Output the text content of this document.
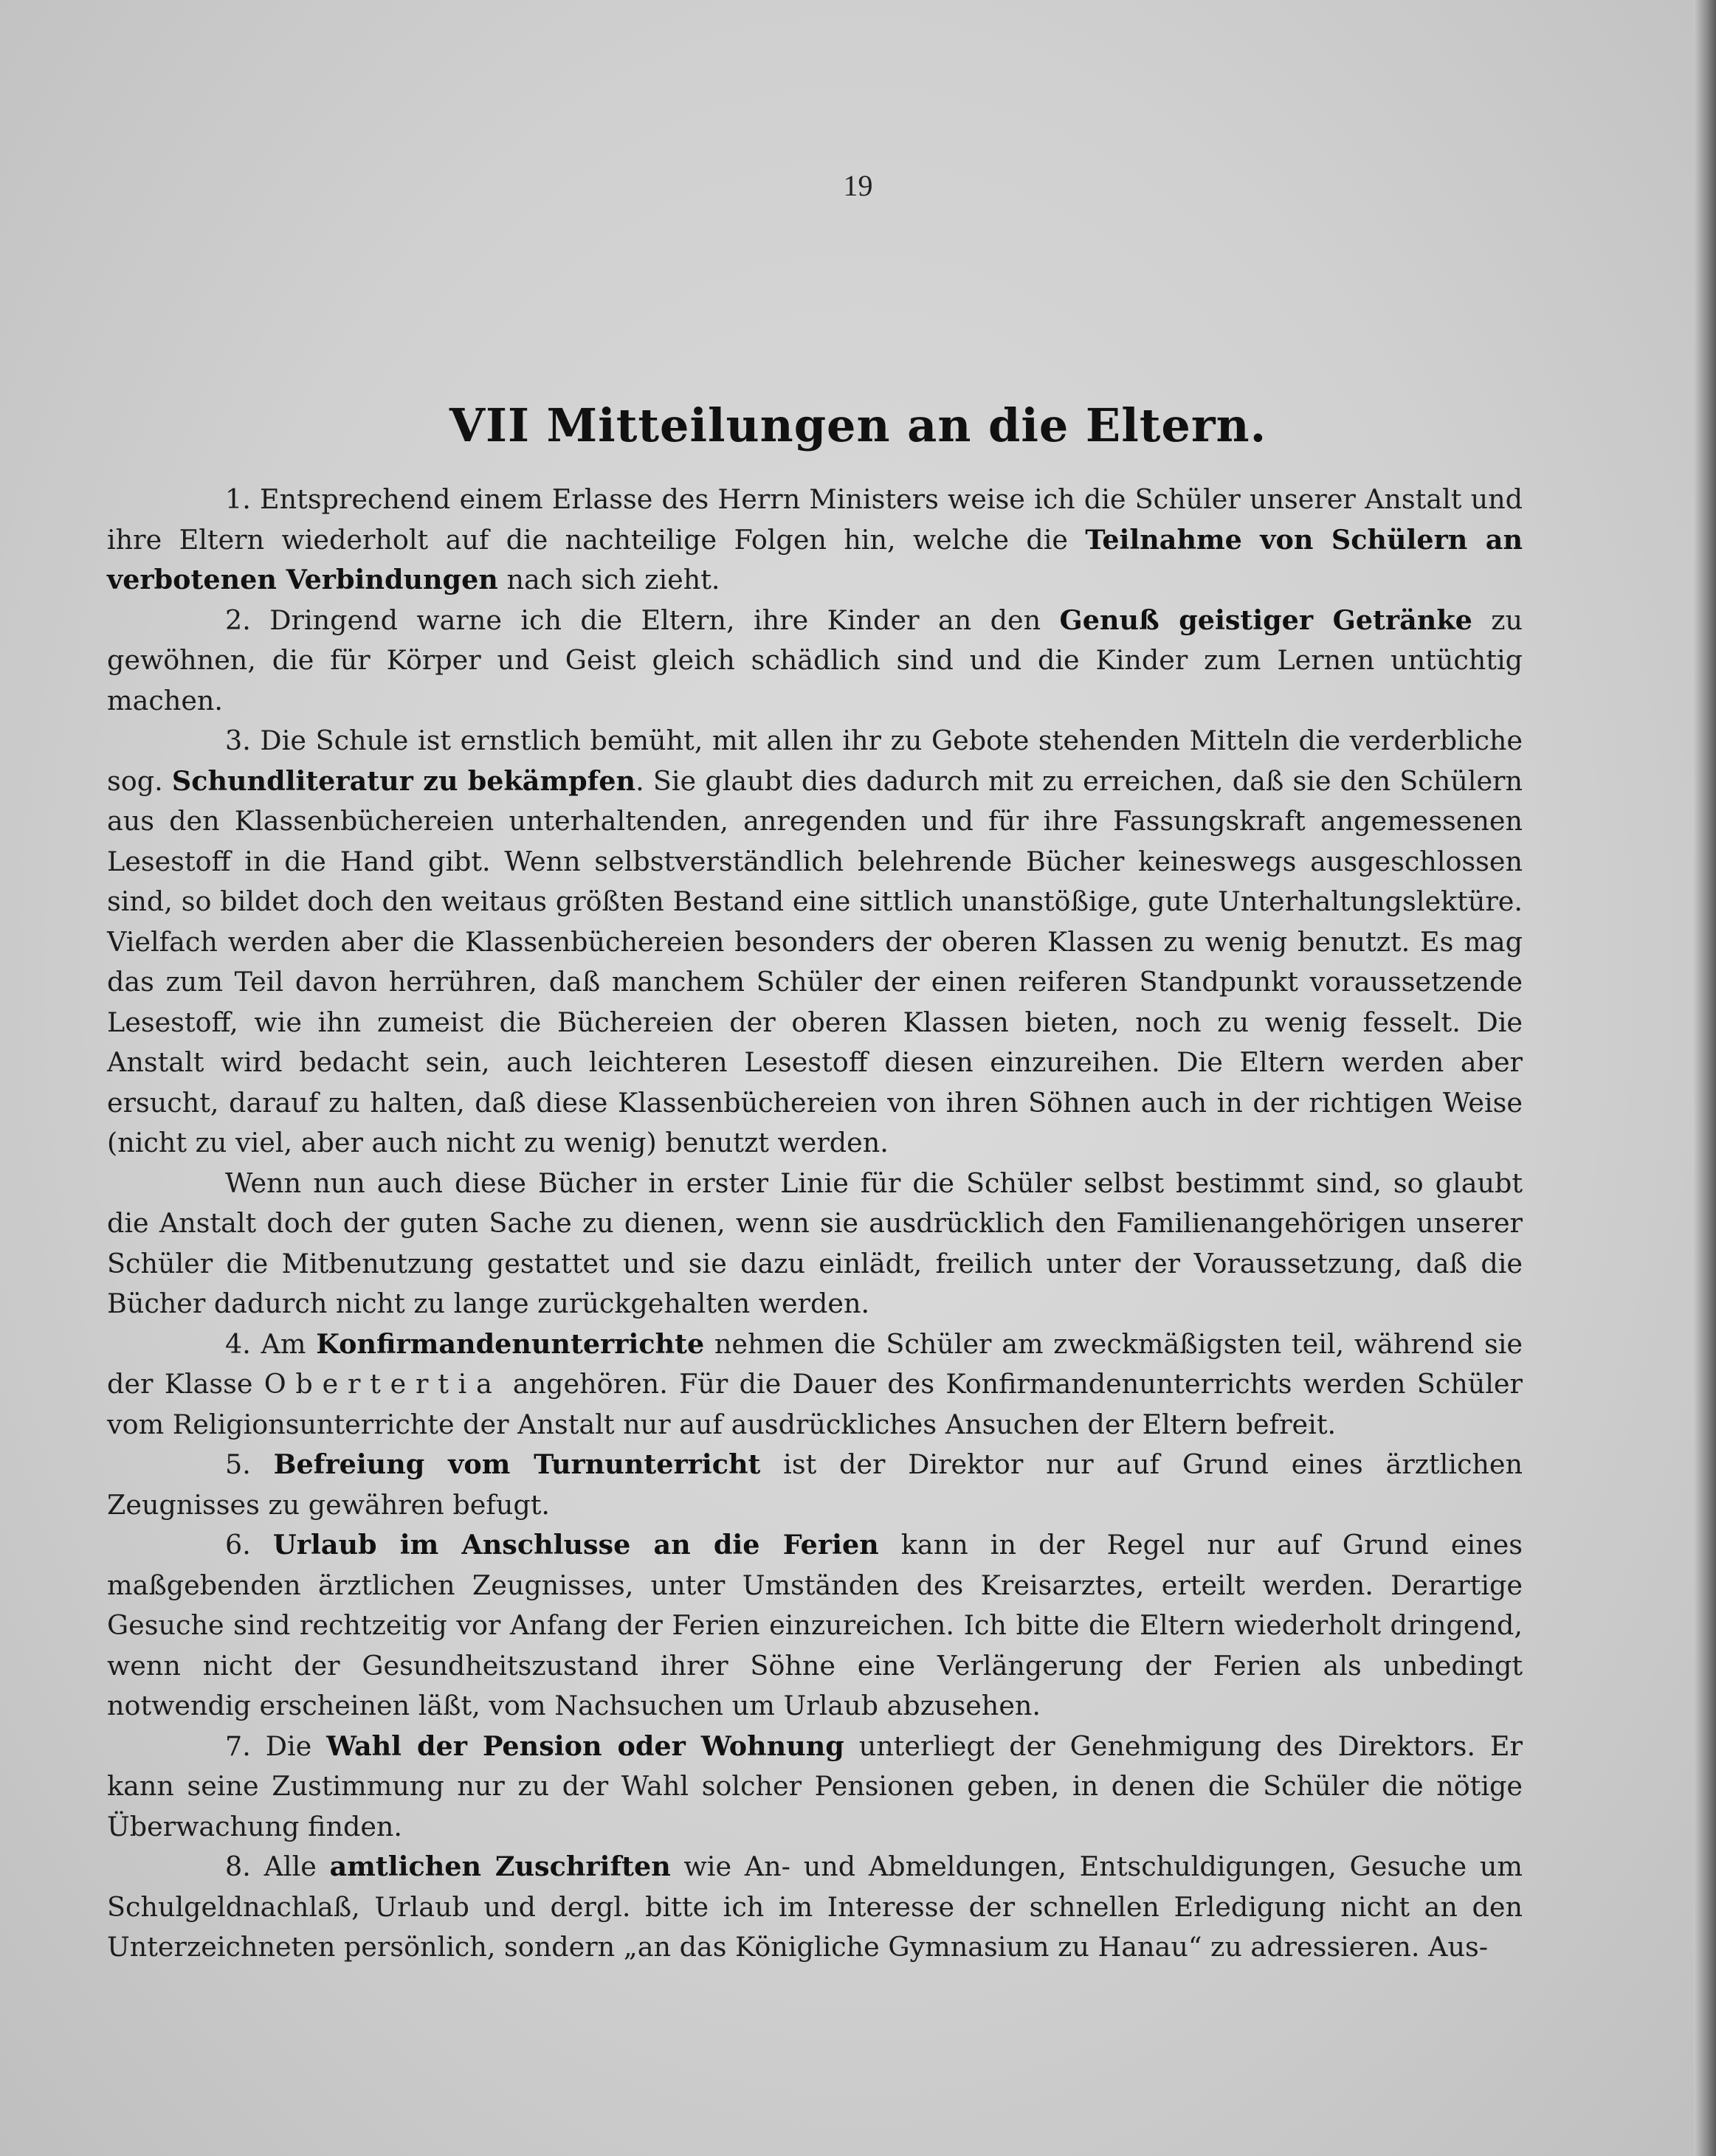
19
VII Mitteilungen an die Eltern.

1. Entsprechend einem Erlasse des Herrn Ministers weise ich die Schüler unserer Anstalt und ihre Eltern wiederholt auf die nachteilige Folgen hin, welche die Teilnahme von Schülern an verbotenen Verbindungen nach sich zieht.

2. Dringend warne ich die Eltern, ihre Kinder an den Genuß geistiger Getränke zu gewöhnen, die für Körper und Geist gleich schädlich sind und die Kinder zum Lernen untüchtig machen.

3. Die Schule ist ernstlich bemüht, mit allen ihr zu Gebote stehenden Mitteln die verderbliche sog. Schundliteratur zu bekämpfen. Sie glaubt dies dadurch mit zu erreichen, daß sie den Schülern aus den Klassenbüchereien unterhaltenden, anregenden und für ihre Fassungskraft angemessenen Lesestoff in die Hand gibt. Wenn selbstverständlich belehrende Bücher keineswegs ausgeschlossen sind, so bildet doch den weitaus größten Bestand eine sittlich unanstößige, gute Unterhaltungslektüre. Vielfach werden aber die Klassenbüchereien besonders der oberen Klassen zu wenig benutzt. Es mag das zum Teil davon herrühren, daß manchem Schüler der einen reiferen Standpunkt voraussetzende Lesestoff, wie ihn zumeist die Büchereien der oberen Klassen bieten, noch zu wenig fesselt. Die Anstalt wird bedacht sein, auch leichteren Lesestoff diesen einzureihen. Die Eltern werden aber ersucht, darauf zu halten, daß diese Klassenbüchereien von ihren Söhnen auch in der richtigen Weise (nicht zu viel, aber auch nicht zu wenig) benutzt werden.

Wenn nun auch diese Bücher in erster Linie für die Schüler selbst bestimmt sind, so glaubt die Anstalt doch der guten Sache zu dienen, wenn sie ausdrücklich den Familienangehörigen unserer Schüler die Mitbenutzung gestattet und sie dazu einlädt, freilich unter der Voraussetzung, daß die Bücher dadurch nicht zu lange zurückgehalten werden.

4. Am Konfirmandenunterrichte nehmen die Schüler am zweckmäßigsten teil, während sie der Klasse Obertertia angehören. Für die Dauer des Konfirmandenunterrichts werden Schüler vom Religionsunterrichte der Anstalt nur auf ausdrückliches Ansuchen der Eltern befreit.

5. Befreiung vom Turnunterricht ist der Direktor nur auf Grund eines ärztlichen Zeugnisses zu gewähren befugt.

6. Urlaub im Anschlusse an die Ferien kann in der Regel nur auf Grund eines maßgebenden ärztlichen Zeugnisses, unter Umständen des Kreisarztes, erteilt werden. Derartige Gesuche sind rechtzeitig vor Anfang der Ferien einzureichen. Ich bitte die Eltern wiederholt dringend, wenn nicht der Gesundheitszustand ihrer Söhne eine Verlängerung der Ferien als unbedingt notwendig erscheinen läßt, vom Nachsuchen um Urlaub abzusehen.

7. Die Wahl der Pension oder Wohnung unterliegt der Genehmigung des Direktors. Er kann seine Zustimmung nur zu der Wahl solcher Pensionen geben, in denen die Schüler die nötige Überwachung finden.

8. Alle amtlichen Zuschriften wie An- und Abmeldungen, Entschuldigungen, Gesuche um Schulgeldnachlaß, Urlaub und dergl. bitte ich im Interesse der schnellen Erledigung nicht an den Unterzeichneten persönlich, sondern „an das Königliche Gymnasium zu Hanau“ zu adressieren. Aus-
